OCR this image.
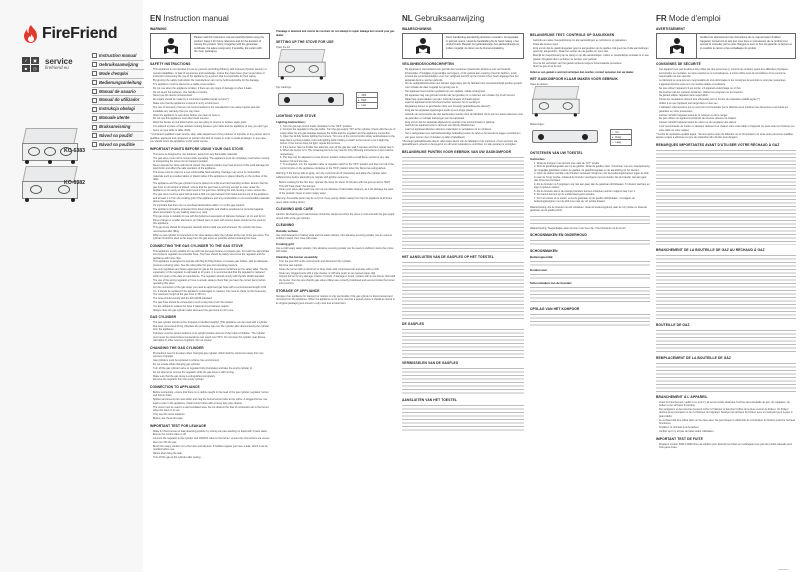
FireFriend
✓	▣
■	◷
service
firefriend.eu
Instruction manual
Gebruiksaanwijzing
Mode d'emploi
Bedienungsanleitung
Manual de usuario
Manual do utilizador
Instrukcja obsługi
Manuale utente
Bruksanvisning
Návod na použití
Návod na použitie
KO-6383
KO-6382
EN Instruction manual
WARNING
Please read this instruction manual carefully before using the product. Keep it for future reference and for the duration of owning the product. Store it together with the guarantee certificate, the sales receipt and, if possible, the carton with the inner packaging.
SAFETY INSTRUCTIONS
· This appliance is not intended for use by persons (including children) with reduced physical, sensory or mental capabilities, or lack of experience and knowledge, unless they have been given supervision or instruction concerning the use of the appliance by a person that is responsible for their safety.
· By ignoring the safety instructions the manufacturer can not be hold responsible for the damage.
· The appliance must be placed on a stable, level surface.
· Do not use when the appliance is fallen, if there are any signs of damage or when it leaks.
· Do not touch hot surfaces. Use handles or knobs.
· Never use the device unsupervised.
· All repairs should be made by a competent qualified repair service(*).
· Make sure that the appliance is stored in a dry environment.
· The use of accessory that are not recommended by the manufacturer can cause injuries and will invalidate any warranty that you may have.
· Allow the appliance to cool down before you clean or store it.
· Do not use this appliance near direct heat sources.
· Allow the device to cool down before you are going to remove or replace spare parts.
· It is advised to place a heat resistant coating between your table and the appliance (it may you don't get burns on your table or table cloth).
* Competent qualified repair service: after sales department of the producer or importer or any person who is qualified, approved and competent to perform this kind of repairs in order to avoid all danger. In any case you should return the appliance to this repair service.
IMPORTANT POINTS BEFORE USING YOUR GAS STOVE
· This stove is designed for use outdoors, away from any flammable materials.
· The gas stove must not be moved while operating. The appliance must be completely cool before moving or transporting the stove into its transport position.
· Never operate the stove with the lid closed: the closed position may heat around at this mold damage the paint finish and affect the safe operation of the appliance.
· The stove must be used on a non-combustible hard standing. Damage may occur to combustible materials such as wooden tables or plastic tables if the appliance is placed directly on the surface of the table.
· The appliance and the gas cylinder must be placed on a flat level hard standing surface. Ensure that the gas hose is not twisted or kinked, ensure that the gas hose is not long enough to enter under the appliance or its cavity as this could result in the gas hose catching fire and causing a more serious fire.
· The gas stove must be sited with at least a 300 mm gap between both sides and the top of the appliance and at least 1 m from the cooking grid of the appliance and any combustible or non-combustible materials above the appliance.
· It's important that there are no overhead obstructions within 1 m of the gas support.
· The appliance should be protected from direct draughts and shall be positioned or protected against direct penetration by any leaking water (e.g. rain).
· This gas stove is suitable for use with flat bottomed saucepans of diameter between 14 cm and 22 cm. Pans of larger or smaller diameters, pin based pans or pans with convex bases should not be used on this appliance.
· This gas stove should be inspected carefully before initial use and whenever the cylinder has been reconnected after filling.
· When a new cylinder is connected to the stove always place the cylinder at the rear of the gas stove. The cylinder should be sited as far away from the gas stove as possible without straining the hose.
CONNECTING THE GAS CYLINDER TO THE GAS STOVE
· This appliance is only suitable for use with low pressure butane or propane gas. Fit it with the appropriate low pressure regulator via a flexible hose. The hose should be safely secured to the regulator and the appliance with hose clips.
· This appliance is designed to operate with 5kg till 15kg butane or propane gas bottles, with an adequate pressure reducing valve. See the rating label for gas and operating pressure.
· Use only regulators and hoses approved for gas at the pressures mentioned on the safety label. The life expectancy of the regulator is estimated at 10 years. It is recommended that the regulator is replaced within 10 years of the date of manufacture. The regulator should comply with the EN 16129 standard.
· The use of the wrong regulator or hose is unsafe; always check that you have the correct items before operating this stove.
· For the connection of the gas stove you need an approved gas hose with a recommended length of 80 cm. It should be replaced if the appliance is damaged or cracked. You need to check on this frequently. The maximum length of the gas hose is 150 cm.
· The hose should comply with the EN 16436 standard.
· The gas hose should be connected in such a way that it can't be twisted.
· You are obliged to replace the hose if national circumstances require.
· Always close the gas cylinder valve whenever the gas stove is not in use.
GAS CYLINDER
· The gas cylinder should not be dropped or handled roughly! (This appliance can be used with a cylinder that does not exceed 15 kg.) Replace the protective cap over the cylinder after disconnecting the cylinder from the appliance.
· Cylinders must be stored outdoors in an upright position and out of the reach of children. The cylinder must never be stored where temperatures can reach over 50°C. Do not store the cylinder near flames, pilot lights or other sources of ignition. Do not smoke!
CHANGING THE GAS CYLINDER
· Precautions need to be taken when changing gas cylinder, which shall be carried out away from any sources of ignition.
· Gas cylinders must be replaced in a flame free environment.
· Do not smoke while changing gas cylinder.
· Turn off the gas cylinder valve or regulator fully (clockwise) and take the empty cylinder of.
· Do not attempt to remove the regulator while the gas stove is still running.
· Make sure that the gas stove is extinguished completely.
· Remove the regulator from the empty cylinder.
CONNECTION TO APPLIANCE
· Before connecting, ensure that there is no debris caught in the head of the gas cylinder, regulator, burner and burner inlets.
· Spiders and insects can nest within and clog the burner/venturi tube at the orifice. A clogged burner can lead to a fire in the appliance. Clean burner tubes with a heavy duty pipe cleaner.
· The stove must be used in a well ventilated area. Do not obstruct the flow of combustion air to the burner when the stove is in use.
· Only use this stove outdoors.
· Before use check for leaks.
IMPORTANT TEST FOR LEAKAGE
· Make 2-3 fluid ounces of leak detecting solution by mixing one part washing up liquid with 3 parts water.
· Ensure the control valve is off.
· Connect the regulator to the cylinder and ON/OFF valve to the burner; ensure the connections are secure then turn ON the gas.
· Brush the soapy solution on to the hose and all joints. If bubbles appear you have a leak, which must be rectified before use.
· Retest after fixing the leak.
· Turn off the gas at the cylinder after testing.
If leakage is detected and cannot be resolved, do not attempt to repair leakage but consult your gas dealer.
SETTING UP THE STOVE FOR USE
Open the lid.
Top markings:
○ OFF
♦ High
⌂ Low
LIGHTING YOUR STOVE
Lighting Instructions:
1. Turn the gas tap control knobs clockwise to the "OFF" position.
2. Connect the regulator to the gas bottle. Turn the gas supply 'ON' at the cylinder. Check with the use of soapy water for any gas leakage between the bottle and the regulator and the appliance connection.
3. Open the lid fully before lighting the burners. Turn one of the control knobs slowly anticlockwise to the large flame symbol position; hold until lighting while holding a match to the burner to let it alight the burner. If the burner does not light, repeat this process.
4. If the burner has not lit after five attempts, turn off the gas tap, wait 5 minutes and then repeat step 3.
5. When the burner is lit. The remaining burners may now be lit by following instructions 3 and 4 above respectively.
6. The taps can be adjusted to a low simmer position marked with a small flame symbol or any rate between full and low rate.
7. To extinguish, turn the regulator valve or regulator switch to the 'OFF' position and then turn all of the control knobs on the appliance clockwise to the 'OFF' position when the flame has extinguished.
Warning: If the burner fails to ignite, turn the control knob off (clockwise) and allow the cylinder valve sufficient time before attempting to reignite with ignition sequence.
· Before cooking for the first time, operate the stove for about 10 minutes with the gas turned on HIGH. This will "heat clean" the burners.
· Clean your stove after each use. Do not use abrasive or flammable cleaners, as it will damage the paint of the product. Clean in warm soapy water.
Warning: Accessible parts may be very hot. Keep young children away from the hot appliance at all times (even while cooling down).
CLEANING AND CARE
Caution: All cleaning and maintenance should be carried out when the stove is cool and with the gas supply turned OFF at the gas cylinder.
CLEANING
Outside surface
Use mild detergent or baking soda and hot water solution. Non abrasive scouring powder can be used on stubborn stains, then rinse with water.
Cooking grid
Use a mild soapy water solution. Non abrasive scouring powder can be used on stubborn stains then rinse with water.
Cleaning the burner assembly:
· Turn the gas OFF at the control knob and disconnect the cylinder.
· Remove pan support.
· Clean the burner with a soft brush or blow clean with compressed air and wipe with a cloth.
· Clean any clogged ports with a pipe cleaner or stiff wire (such as an opened paper clip).
· Inspect burner for any damage (cracks or holes). If damage is found, replace with a new burner. Reinstall the burner, then be sure that the gas valve orifices are correctly positioned and secured inside the burner inlet (venturi).
STORAGE OF APPLIANCE
Storage of an appliance for transport or indoors is only permissible if the gas cylinder is disconnected and removed from the appliance. When the appliance is not to be used for a period of time it should be stored in its original packaging and stored in a dry dust free environment.
NL Gebruiksaanwijzing
WAARSCHUWING
Deze handleiding aandachtig doorlezen voordat u het apparaat in gebruik neemt. Houd de handleiding bij de hand zolang u het product bezit. Bewaar het garantiebewijs, het aankoopbewijs en, indien mogelijk, de doos met de binnenverpakking.
VEILIGHEIDSVOORSCHRIFTEN
· Dit apparaat is niet bedoeld voor gebruik door personen (waaronder kinderen) met verminderde lichamelijke, zintuiglijke of geestelijke vermogens, of die gebrek aan ervaring of kennis hebben, tenzij iemand die verantwoordelijk is voor hun veiligheid toezicht op hen houdt of hen heeft uitgelegd hoe het apparaat dient te worden gebruikt.
· Als de veiligheidsinstructies niet worden opgevolgd, kan de fabrikant niet verantwoordelijk worden gesteld voor schade die daar mogelijk het gevolg van is.
· Het apparaat moet worden geplaatst op een stabiele, vlakke ondergrond.
· Dit apparaat mag niet gebruikt worden als het gevallen is, er tekenen van schade zijn of als het lekt.
· Raak hete oppervlakken niet aan. Gebruik hendels of draaiknoppen.
· Laat het apparaat nooit onbeheerd achter wanneer het in werking is.
· Reparaties dienen te geschieden door een bevoegd gekwalificeerde dienst(*).
· Zorg dat het apparaat opgeborgen wordt op een droge plaats.
· Gebruik van accessoires die niet aanbevolen worden door de fabrikant. Deze kunnen letsel opleveren voor de gebruiker en schade toebrengen aan het apparaat.
· Zorg ervoor dat het apparaat afgekoeld is voordat u het schoonmaakt en opbergt.
· Gebruik het apparaat nooit in de buurt van directe hittebronnen.
· Laat het apparaat afkoelen alvorens onderdelen te verwijderen of te monteren.
· Het is aangeraden een warmtebestendige bekleding tussen de tafel en het toestel te leggen (voorkomen van geen sporen zien of vlekken op tafel of tafelkleed).
* Bevoegd gekwalificeerde dienst: after-sales dienst van de fabrikant of de importeur, of een persoon die gekwalificeerd, erkend en bevoegd is om dit soort reparaties te verrichten om alle gevaren te vermijden.
BELANGRIJKE PUNTEN VOOR GEBRUIK VAN UW GASKOMFOOR
HET AANSLUITEN VAN DE GASFLES OP HET TOESTEL
DE GASFLES
VERWISSELEN VAN DE GASFLES
AANSLUITEN VAN HET TOESTEL
BELANGRIJKE TEST: CONTROLE OP GASLEKKEN
· Gebruik een water-/zeepoplossing om alle aansluitingen te controleren op gaslekken.
· Draai alle kranen open.
· Zorg ervoor dat de gasdrukregelaar goed is aangesloten op de gasfles, bijk goed na of alle aansluitingen goed zijn aangesloten. Draai het ventiel van de gasfles en open dan.
· Bestrijk de zeepoplossing op de slang en op alle aansluitingen. Indien er zeepbelletjes ontstaan is er een gaslek. Dit gaslek dient verholpen te worden voor gebruik.
· Test na het verhelpen van het gaslek opnieuw volgens bovenstaande procedure.
· Sluit het gas af na de test.
Indien er een gaslek is wat niet verholpen kan worden, contact opnemen met uw dealer.
HET GASKOMFOOR KLAAR MAKEN VOOR GEBRUIK
Open de deksel
Markeringen:
○ Uit
♦ Hoog
⌂ Laag
ONTSTEKEN VAN UW TOESTEL
Instructies:
1. Draai de knoppen met de klok mee naar de "UIT" positie.
2. Sluit de gasdrukregelaar aan op de gasfles. Draai de gasfles open. Controleer met een zeepoplossing op mogelijke gaslekken tussen de gasfles, de gasdrukregelaar en de aansluiting op het toestel.
3. Open de deksel voordat u de branders ontsteekt. Draai een van de bedieningsknoppen tegen de klok in naar de 'hoog' positie, ontsteek de brander vervolgens met een lucifer. Als de brander niet aan gaat dan dit proces herhalen.
4. Als de brander na 5 pogingen nog niet aan gaat, dan de gaskraan dichtdraaien, 5 minuten wachten en stap 3 opnieuw starten.
5. Als de brander aan is de overige branders kunnen ontstoken worden volgens stap 3 en 4.
6. De kranen kunnen op de sudderstand gezet worden.
7. Om het toestel uit te zetten, eerst de gaskraan op de gasfles dichtdraaien, vervolgens de bedieningsknoppen met de klok mee naar de 'uit' positie draaien.
Waarschuwing: Als de brander niet wil ontsteken, draai de bedieningsknop naar de 'uit' positie en draai de gaskraan op de gasfles dicht.
Waarschuwing: Toegankelijke delen kunnen zeer heet zijn. Houd kinderen uit de buurt!
SCHOONMAKEN EN ONDERHOUD
SCHOONMAKEN
Buitenoppervlak
Kookrooster
Schoonmaken van de brander:
OPSLAG VAN HET KOMFOOR
FR Mode d'emploi
AVERTISSEMENT
Veuillez lire attentivement les instructions de ce manuel avant d'utiliser l'appareil. Conservez-le tant que vous êtes en possession de ce produit pour pouvoir le consulter par la suite. Rangez-le avec le bon de garantie, la facture et si possible le carton et les emballages du produit.
CONSIGNES DE SÉCURITÉ
· Cet appareil n'est pas destiné à être utilisé par des personnes (y compris les enfants) ayant des difficultés physiques, sensorielles ou mentales, ou sans expérience et connaissance, à moins d'être sous la surveillance d'une personne responsable de leur sécurité.
· Le fabricant ne sera pas tenu responsable de tous dommages si les consignes de sécurité ne sont pas respectées.
· L'appareil doit être posé sur une surface stable et résistante.
· Ne pas utiliser l'appareil s'il est tombé, s'il apparaît endommagé ou s'il fuit.
· Ne touchez pas les surfaces brûlantes. Utilisez les poignées ou les boutons.
· Ne jamais utiliser l'appareil sans supervision.
· Toutes les réparations doivent être effectuées par un Centre de réparation qualifié agréé (*).
· Veillez à ce que l'appareil soit rangé dans un lieu sec.
· L'utilisation d'accessoires qui ne sont pas recommandés par le fabricant peut entraîner des blessures et annulera les garanties en votre possession.
· Laissez refroidir l'appareil avant de le nettoyer ou de le ranger.
· Ne pas utiliser cet appareil à proximité de sources directes de chaleur.
· Laissez refroidir l'appareil avant de retirer ou de remplacer des pièces.
· Il est recommandé de mettre un dessous résistant à la chaleur entre votre table et l'appareil (ce peut éviter les brûlures sur votre table ou votre nappe).
* Centre de réparation qualifié agréé : Service après-vente du fabricant ou de l'importateur ou toute autre personne qualifiée, agréée et apte à effectuer ce type de réparation afin d'éviter tous dangers.
REMARQUES IMPORTANTES AVANT D'UTILISER VOTRE RÉCHAUD À GAZ
BRANCHEMENT DE LA BOUTEILLE DE GAZ AU RÉCHAUD À GAZ
BOUTEILLE DE GAZ
REMPLACEMENT DE LA BOUTEILLE DE GAZ
BRANCHEMENT À L'APPAREIL
· Avant le branchement, veillez à ce qu'il n'y ait aucun résidu obstruant l'embout de la bouteille de gaz, du régulateur, du brûleur et les arrivées du brûleur.
· Des araignées et des insectes peuvent nicher à l'intérieur et boucher l'orifice de la buse venturi du brûleur. Un brûleur obstrué peut provoquer un feu à l'intérieur de l'appareil. Nettoyez les arrivées du brûleur avec un nettoyant pour tuyaux à grand débit.
· Le réchaud doit être utilisé dans un lieu bien aéré. Ne pas bloquer le débit d'air de combustion du brûleur quand le réchaud fonctionne.
· N'utilisez ce réchaud qu'à l'extérieur.
· Vérifiez qu'il n'y ait pas de fuites avant l'utilisation.
IMPORTANT TEST DE FUITE
· Préparez environ 5060 à 9090 litres de solution pour détecter les fuites en mélangeant une part de produit vaisselle pour trois parts d'eau.
